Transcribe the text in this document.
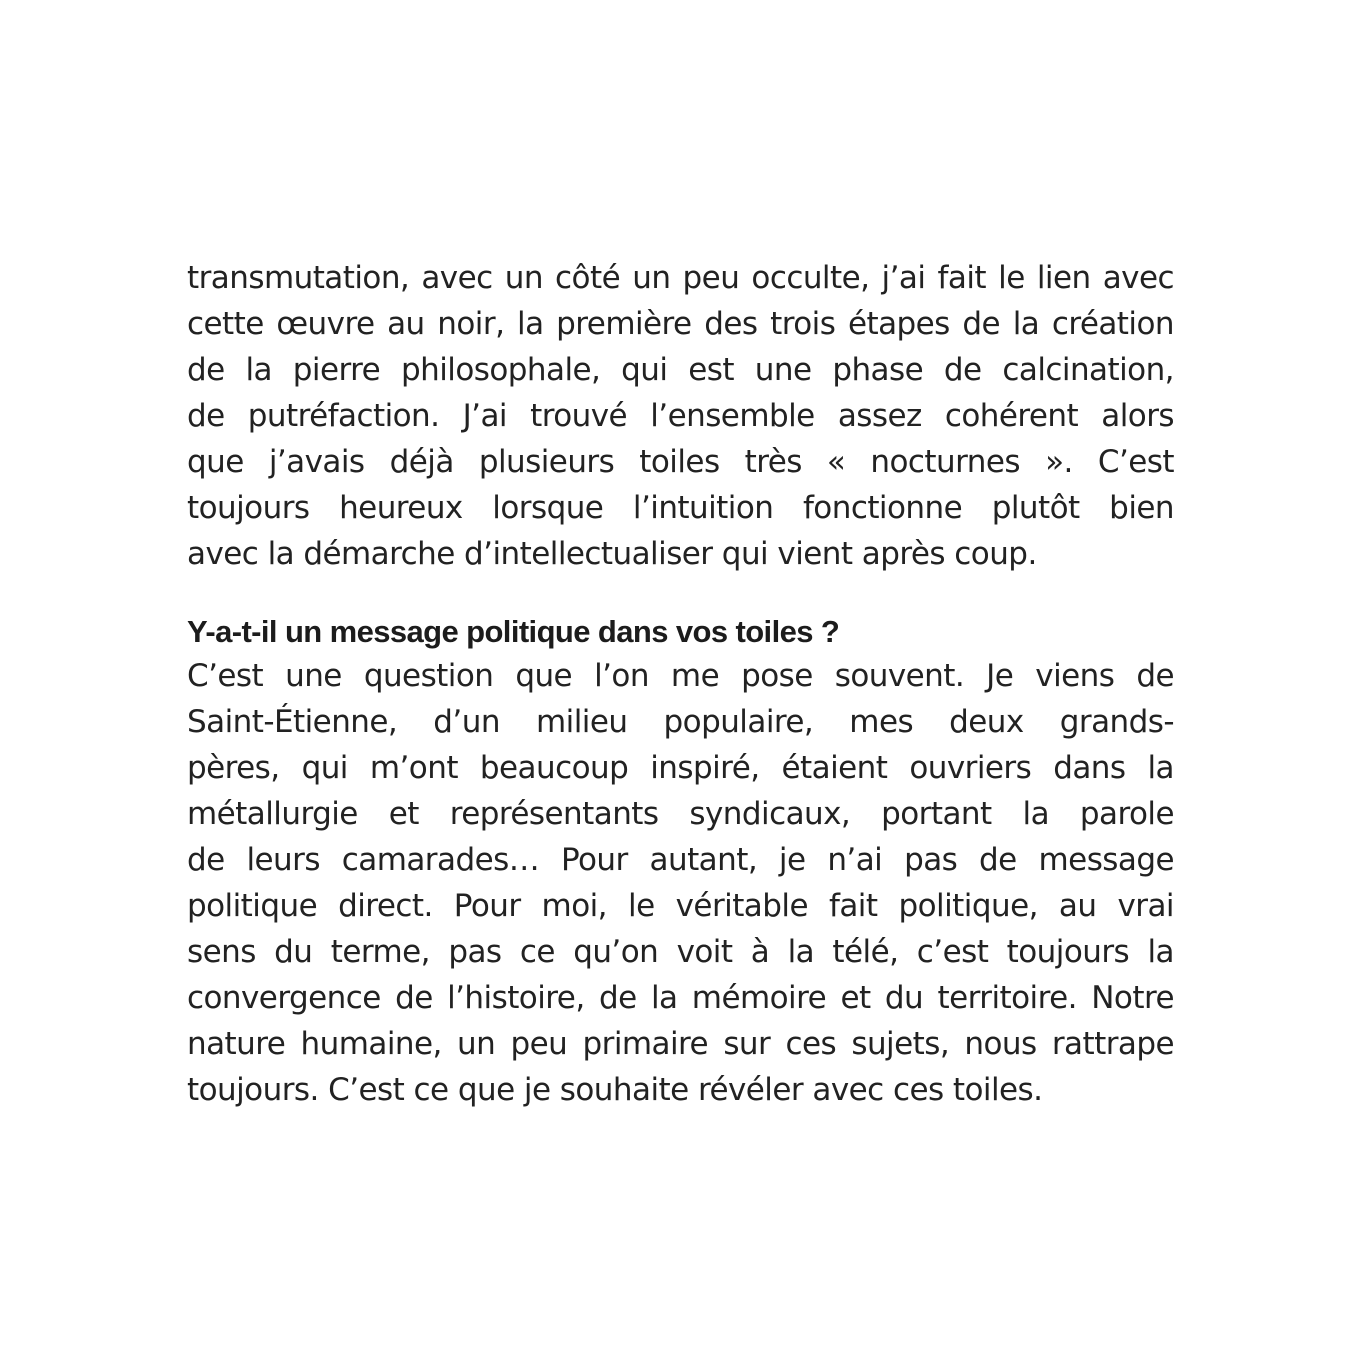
transmutation, avec un côté un peu occulte, j’ai fait le lien avec
cette œuvre au noir, la première des trois étapes de la création
de la pierre philosophale, qui est une phase de calcination,
de putréfaction. J’ai trouvé l’ensemble assez cohérent alors
que j’avais déjà plusieurs toiles très « nocturnes ». C’est
toujours heureux lorsque l’intuition fonctionne plutôt bien
avec la démarche d’intellectualiser qui vient après coup.
Y-a-t-il un message politique dans vos toiles ?
C’est une question que l’on me pose souvent. Je viens de
Saint-Étienne, d’un milieu populaire, mes deux grands-
pères, qui m’ont beaucoup inspiré, étaient ouvriers dans la
métallurgie et représentants syndicaux, portant la parole
de leurs camarades… Pour autant, je n’ai pas de message
politique direct. Pour moi, le véritable fait politique, au vrai
sens du terme, pas ce qu’on voit à la télé, c’est toujours la
convergence de l’histoire, de la mémoire et du territoire. Notre
nature humaine, un peu primaire sur ces sujets, nous rattrape
toujours. C’est ce que je souhaite révéler avec ces toiles.
